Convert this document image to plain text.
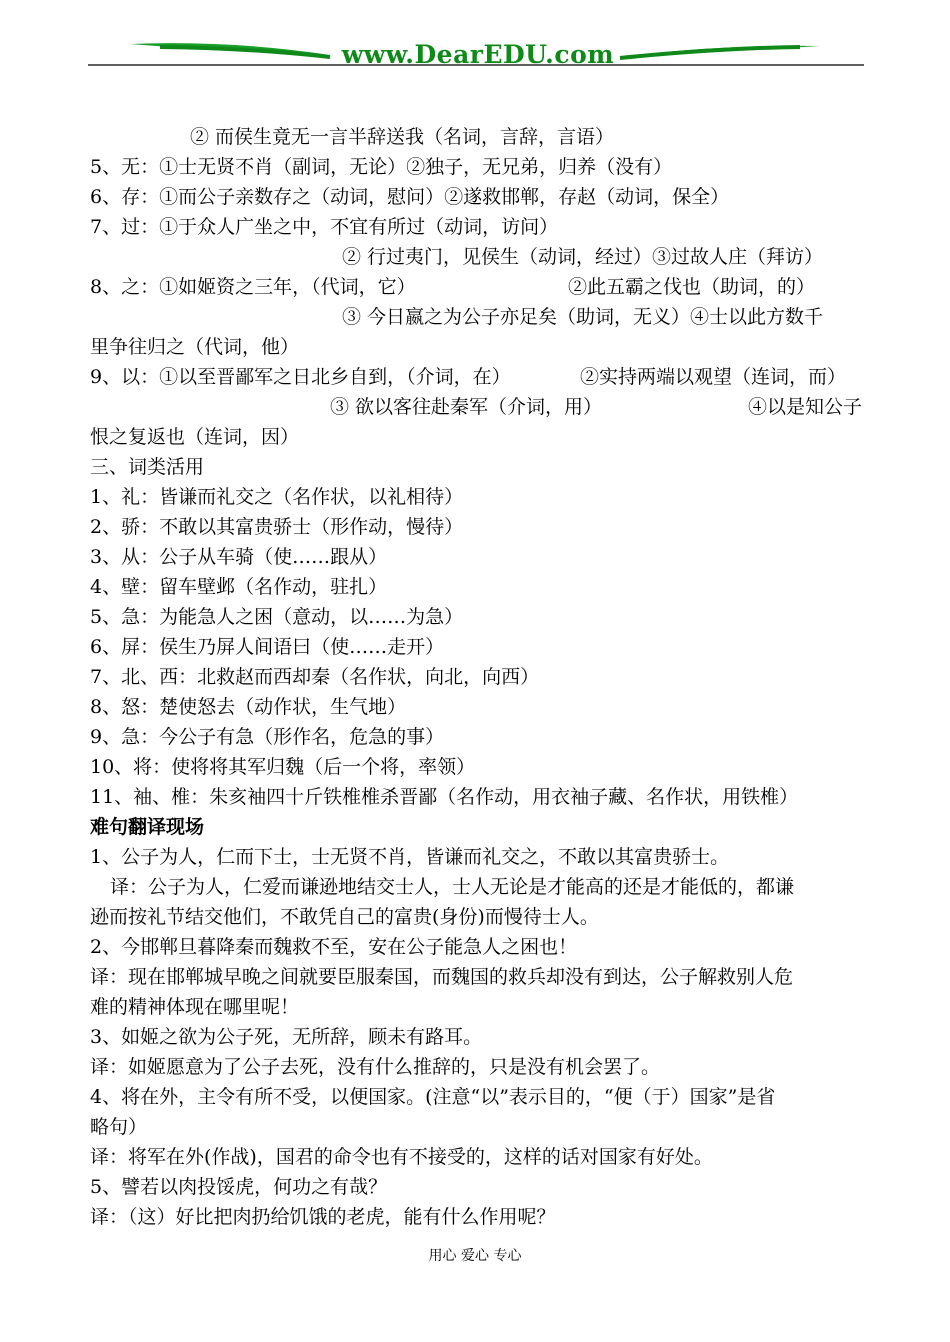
www.DearEDU.com
② 而侯生竟无一言半辞送我（名词，言辞，言语）
5、无：①士无贤不肖（副词，无论）②独子，无兄弟，归养（没有）
6、存：①而公子亲数存之（动词，慰问）②遂救邯郸，存赵（动词，保全）
7、过：①于众人广坐之中，不宜有所过（动词，访问）
② 行过夷门，见侯生（动词，经过）③过故人庄（拜访）
8、之：①如姬资之三年，（代词，它）	②此五霸之伐也（助词，的）
③ 今日嬴之为公子亦足矣（助词，无义）④士以此方数千
里争往归之（代词，他）
9、以：①以至晋鄙军之日北乡自到，（介词，在）	②实持两端以观望（连词，而）
③ 欲以客往赴秦军（介词，用）	④以是知公子
恨之复返也（连词，因）
三、词类活用
1、礼：皆谦而礼交之（名作状，以礼相待）
2、骄：不敢以其富贵骄士（形作动，慢待）
3、从：公子从车骑（使……跟从）
4、壁：留车壁邺（名作动，驻扎）
5、急：为能急人之困（意动，以……为急）
6、屏：侯生乃屏人间语曰（使……走开）
7、北、西：北救赵而西却秦（名作状，向北，向西）
8、怒：楚使怒去（动作状，生气地）
9、急：今公子有急（形作名，危急的事）
10、将：使将将其军归魏（后一个将，率领）
11、袖、椎：朱亥袖四十斤铁椎椎杀晋鄙（名作动，用衣袖子藏、名作状，用铁椎）
难句翻译现场
1、公子为人，仁而下士，士无贤不肖，皆谦而礼交之，不敢以其富贵骄士。
译：公子为人，仁爱而谦逊地结交士人，士人无论是才能高的还是才能低的，都谦
逊而按礼节结交他们，不敢凭自己的富贵(身份)而慢待士人。
2、今邯郸旦暮降秦而魏救不至，安在公子能急人之困也！
译：现在邯郸城早晚之间就要臣服秦国，而魏国的救兵却没有到达，公子解救别人危
难的精神体现在哪里呢！
3、如姬之欲为公子死，无所辞，顾未有路耳。
译：如姬愿意为了公子去死，没有什么推辞的，只是没有机会罢了。
4、将在外，主令有所不受，以便国家。(注意“以”表示目的，“便（于）国家”是省
略句）
译：将军在外(作战)，国君的命令也有不接受的，这样的话对国家有好处。
5、譬若以肉投馁虎，何功之有哉？
译：（这）好比把肉扔给饥饿的老虎，能有什么作用呢？
用心 爱心 专心
